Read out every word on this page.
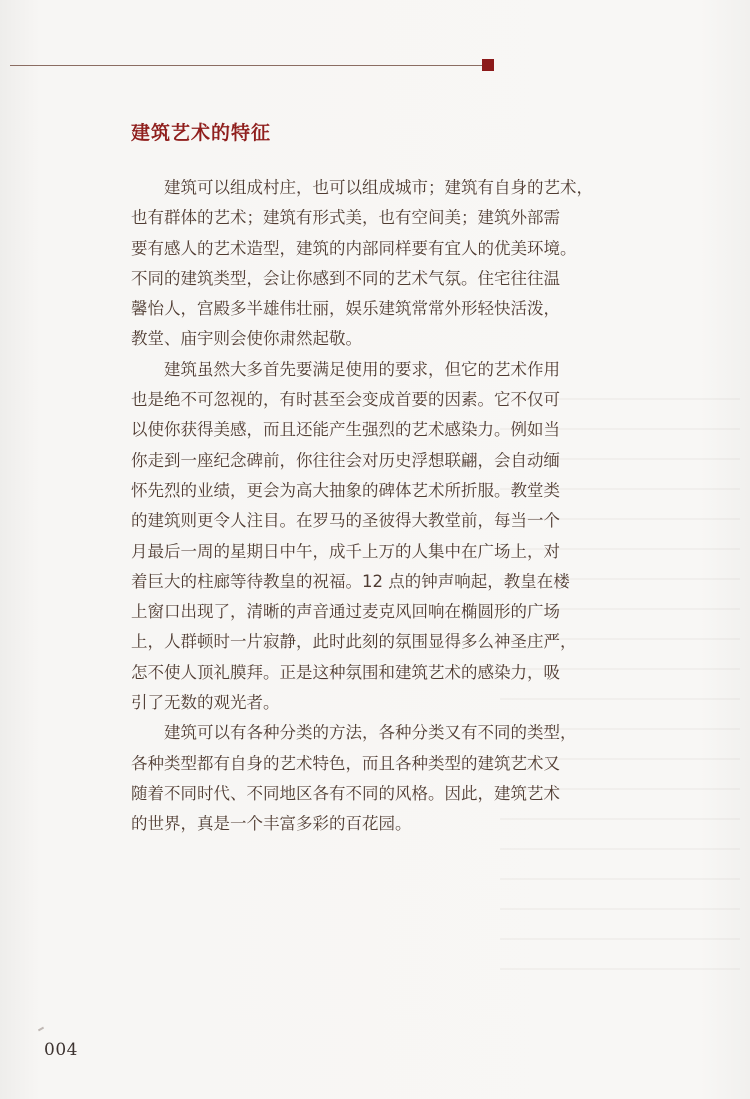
建筑艺术的特征
建筑可以组成村庄，也可以组成城市；建筑有自身的艺术，
也有群体的艺术；建筑有形式美，也有空间美；建筑外部需
要有感人的艺术造型，建筑的内部同样要有宜人的优美环境。
不同的建筑类型，会让你感到不同的艺术气氛。住宅往往温
馨怡人，宫殿多半雄伟壮丽，娱乐建筑常常外形轻快活泼，
教堂、庙宇则会使你肃然起敬。
建筑虽然大多首先要满足使用的要求，但它的艺术作用
也是绝不可忽视的，有时甚至会变成首要的因素。它不仅可
以使你获得美感，而且还能产生强烈的艺术感染力。例如当
你走到一座纪念碑前，你往往会对历史浮想联翩，会自动缅
怀先烈的业绩，更会为高大抽象的碑体艺术所折服。教堂类
的建筑则更令人注目。在罗马的圣彼得大教堂前，每当一个
月最后一周的星期日中午，成千上万的人集中在广场上，对
着巨大的柱廊等待教皇的祝福。12 点的钟声响起，教皇在楼
上窗口出现了，清晰的声音通过麦克风回响在椭圆形的广场
上，人群顿时一片寂静，此时此刻的氛围显得多么神圣庄严，
怎不使人顶礼膜拜。正是这种氛围和建筑艺术的感染力，吸
引了无数的观光者。
建筑可以有各种分类的方法，各种分类又有不同的类型，
各种类型都有自身的艺术特色，而且各种类型的建筑艺术又
随着不同时代、不同地区各有不同的风格。因此，建筑艺术
的世界，真是一个丰富多彩的百花园。
004
